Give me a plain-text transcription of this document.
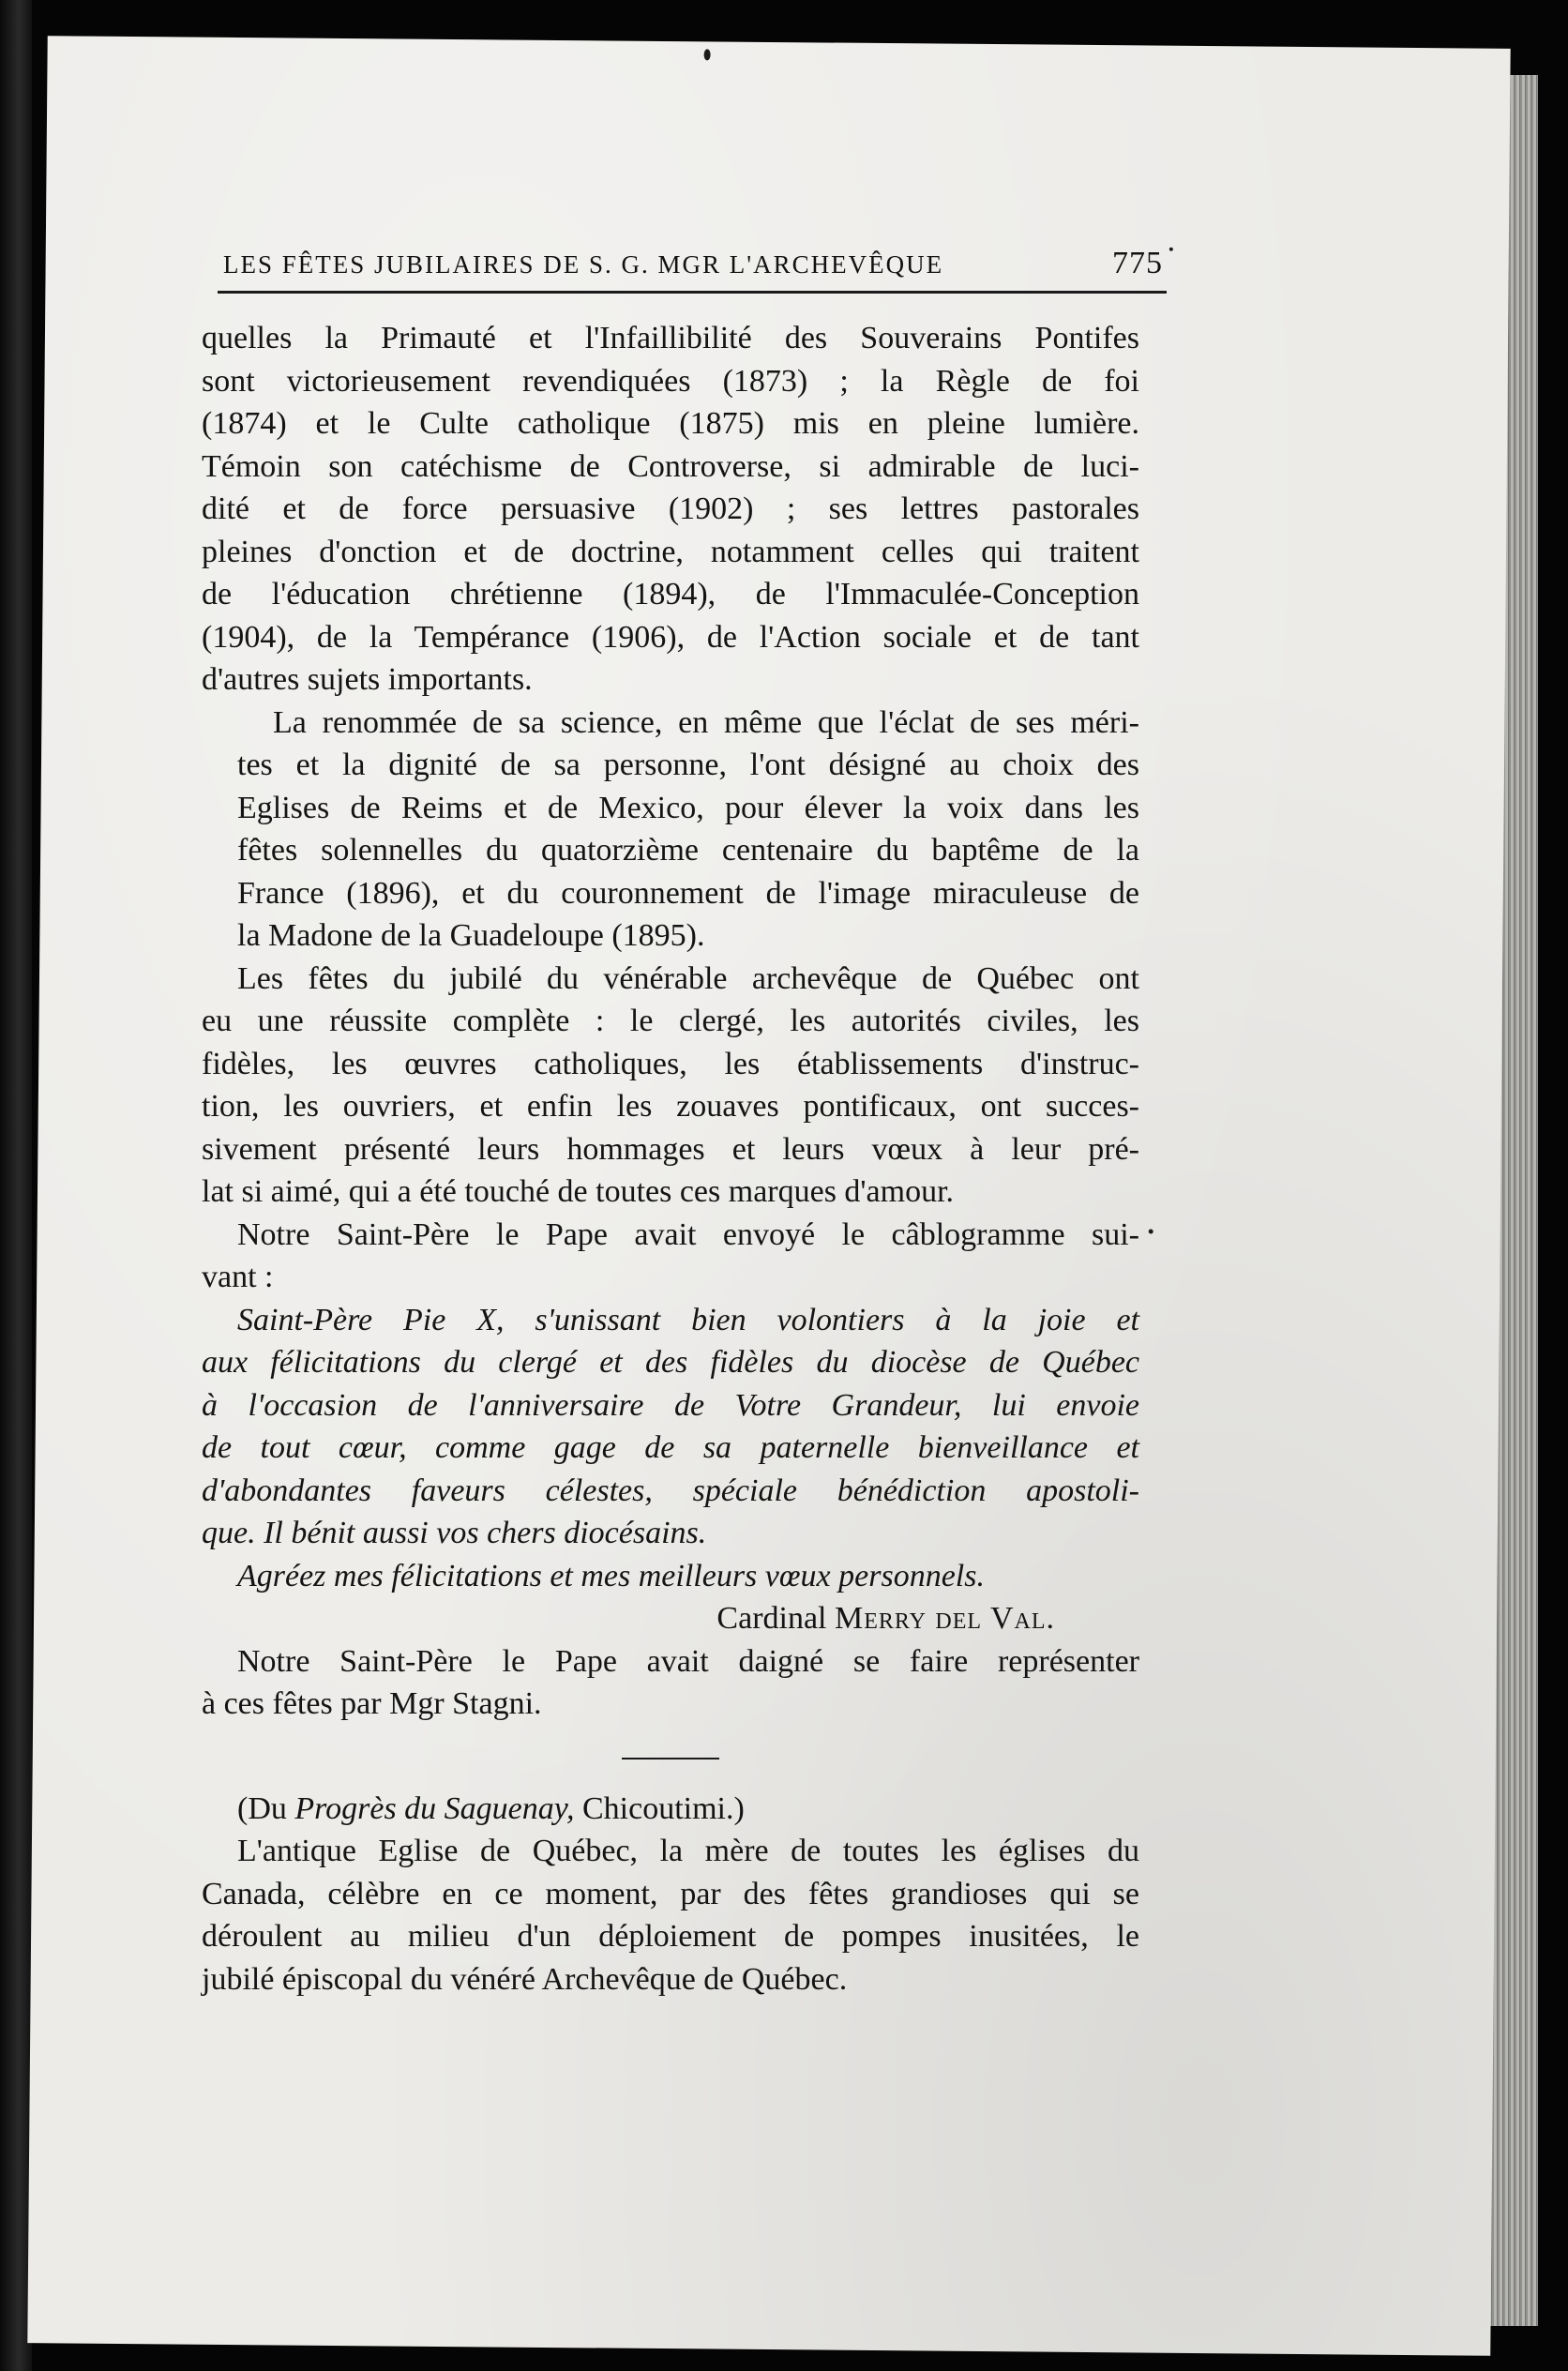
LES FÊTES JUBILAIRES DE S. G. MGR L'ARCHEVÊQUE	775

quelles la Primauté et l'Infaillibilité des Souverains Pontifes
sont victorieusement revendiquées (1873) ; la Règle de foi
(1874) et le Culte catholique (1875) mis en pleine lumière.
Témoin son catéchisme de Controverse, si admirable de luci-
dité et de force persuasive (1902) ; ses lettres pastorales
pleines d'onction et de doctrine, notamment celles qui traitent
de l'éducation chrétienne (1894), de l'Immaculée-Conception
(1904), de la Tempérance (1906), de l'Action sociale et de tant
d'autres sujets importants.

La renommée de sa science, en même que l'éclat de ses méri-
tes et la dignité de sa personne, l'ont désigné au choix des
Eglises de Reims et de Mexico, pour élever la voix dans les
fêtes solennelles du quatorzième centenaire du baptême de la
France (1896), et du couronnement de l'image miraculeuse de
la Madone de la Guadeloupe (1895).

Les fêtes du jubilé du vénérable archevêque de Québec ont
eu une réussite complète : le clergé, les autorités civiles, les
fidèles, les œuvres catholiques, les établissements d'instruc-
tion, les ouvriers, et enfin les zouaves pontificaux, ont succes-
sivement présenté leurs hommages et leurs vœux à leur pré-
lat si aimé, qui a été touché de toutes ces marques d'amour.

Notre Saint-Père le Pape avait envoyé le câblogramme sui-
vant :

Saint-Père Pie X, s'unissant bien volontiers à la joie et
aux félicitations du clergé et des fidèles du diocèse de Québec
à l'occasion de l'anniversaire de Votre Grandeur, lui envoie
de tout cœur, comme gage de sa paternelle bienveillance et
d'abondantes faveurs célestes, spéciale bénédiction apostoli-
que. Il bénit aussi vos chers diocésains.
Agréez mes félicitations et mes meilleurs vœux personnels.

Cardinal Merry del Val.

Notre Saint-Père le Pape avait daigné se faire représenter
à ces fêtes par Mgr Stagni.

(Du Progrès du Saguenay, Chicoutimi.)

L'antique Eglise de Québec, la mère de toutes les églises du
Canada, célèbre en ce moment, par des fêtes grandioses qui se
déroulent au milieu d'un déploiement de pompes inusitées, le
jubilé épiscopal du vénéré Archevêque de Québec.
